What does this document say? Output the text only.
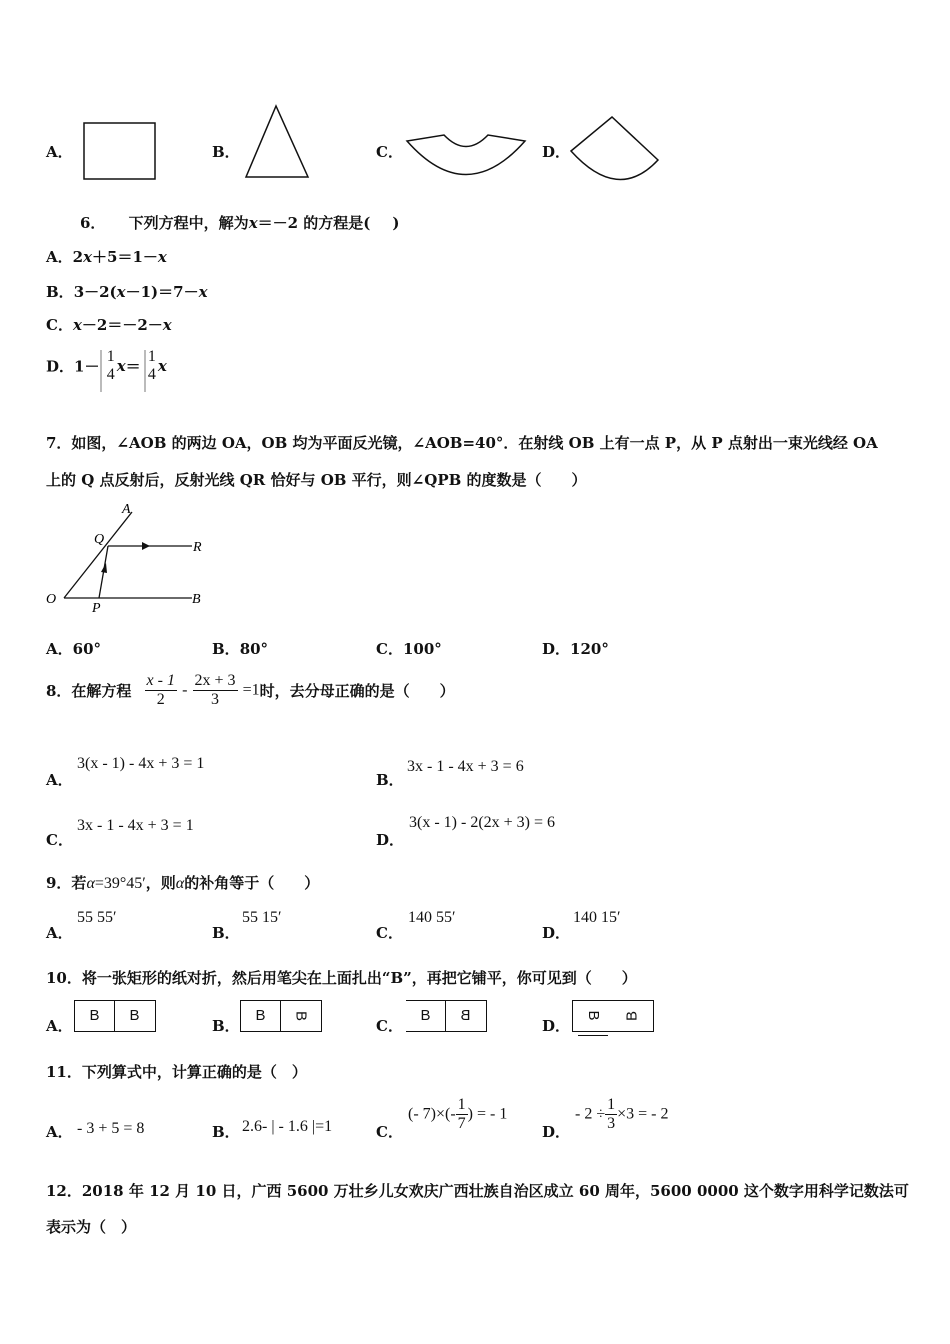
A．	B．	C．	D．
6． 下列方程中，解为x＝－2 的方程是( )
A．2x＋5＝1－x
B．3－2(x－1)＝7－x
C．x－2＝－2－x
D．1－
1
4 x＝
1
4 x
7．如图，∠AOB 的两边 OA，OB 均为平面反光镜，∠AOB=40°．在射线 OB 上有一点 P，从 P 点射出一束光线经 OA
上的 Q 点反射后，反射光线 QR 恰好与 OB 平行，则∠QPB 的度数是（　　）
A
Q
R
O
P
B
A．60°	B．80°	C．100°	D．120°
8．在解方程 $\frac{x - 1}{2} - \frac{2x + 3}{3} =1$时，去分母正确的是（　　）
A．
3(x - 1) - 4x + 3 = 1
B．
3x - 1 - 4x + 3 = 6
C．
3x - 1 - 4x + 3 = 1
D．
3(x - 1) - 2(2x + 3) = 6
9．若α=39°45′，则α的补角等于（　　）
A．
55 55′
B．
55 15′
C．
140 55′
D．
140 15′
10．将一张矩形的纸对折，然后用笔尖在上面扎出“B”，再把它铺平，你可见到（　　）
A．
B B
B．
B B
C．
B B
D．
B B
11．下列算式中，计算正确的是（　）
A． - 3 + 5 = 8	B． 2.6- | - 1.6 |=1	C．
(- $7)\times(- \frac{1}{7}$ ) = - 1
D．
- $2 \div \frac{1}{3} \times 3$ = - 2
12．2018 年 12 月 10 日，广西 5600 万壮乡儿女欢庆广西壮族自治区成立 60 周年，5600 0000 这个数字用科学记数法可
表示为（　）
